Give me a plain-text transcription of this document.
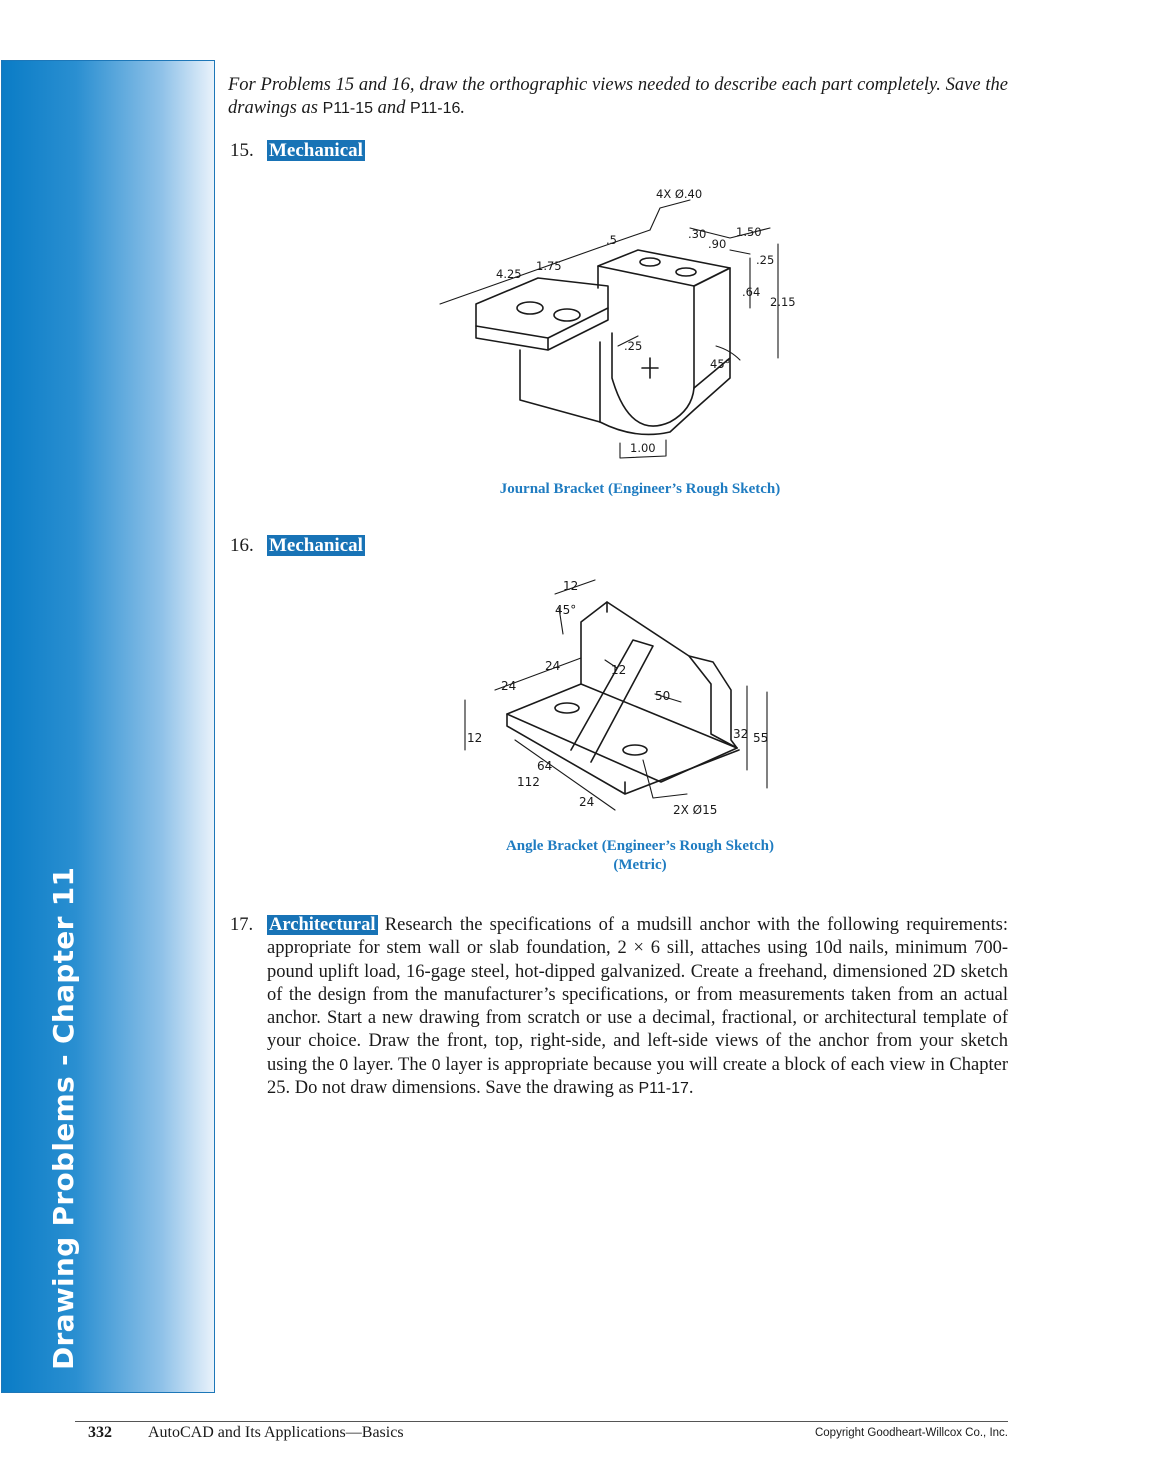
Drawing Problems - Chapter 11

For Problems 15 and 16, draw the orthographic views needed to describe each part completely. Save the drawings as P11-15 and P11-16.

15. Mechanical
4X Ø.40
.5	.30
.90
1.50
4.25
1.75	.25
.64
2.15
.25
45°
1.00
Journal Bracket (Engineer’s Rough Sketch)
16. Mechanical
12
45°
24
24
12
50
12
32 55
64
112
24
2X Ø15
Angle Bracket (Engineer’s Rough Sketch)
(Metric)
17. Architectural Research the specifications of a mudsill anchor with the following requirements: appropriate for stem wall or slab foundation, 2 × 6 sill, attaches using 10d nails, minimum 700-pound uplift load, 16-gage steel, hot-dipped galvanized. Create a freehand, dimensioned 2D sketch of the design from the manufacturer’s specifications, or from measurements taken from an actual anchor. Start a new drawing from scratch or use a decimal, fractional, or architectural template of your choice. Draw the front, top, right-side, and left-side views of the anchor from your sketch using the 0 layer. The 0 layer is appropriate because you will create a block of each view in Chapter 25. Do not draw dimensions. Save the drawing as P11-17.
332 AutoCAD and Its Applications—Basics	Copyright Goodheart-Willcox Co., Inc.
